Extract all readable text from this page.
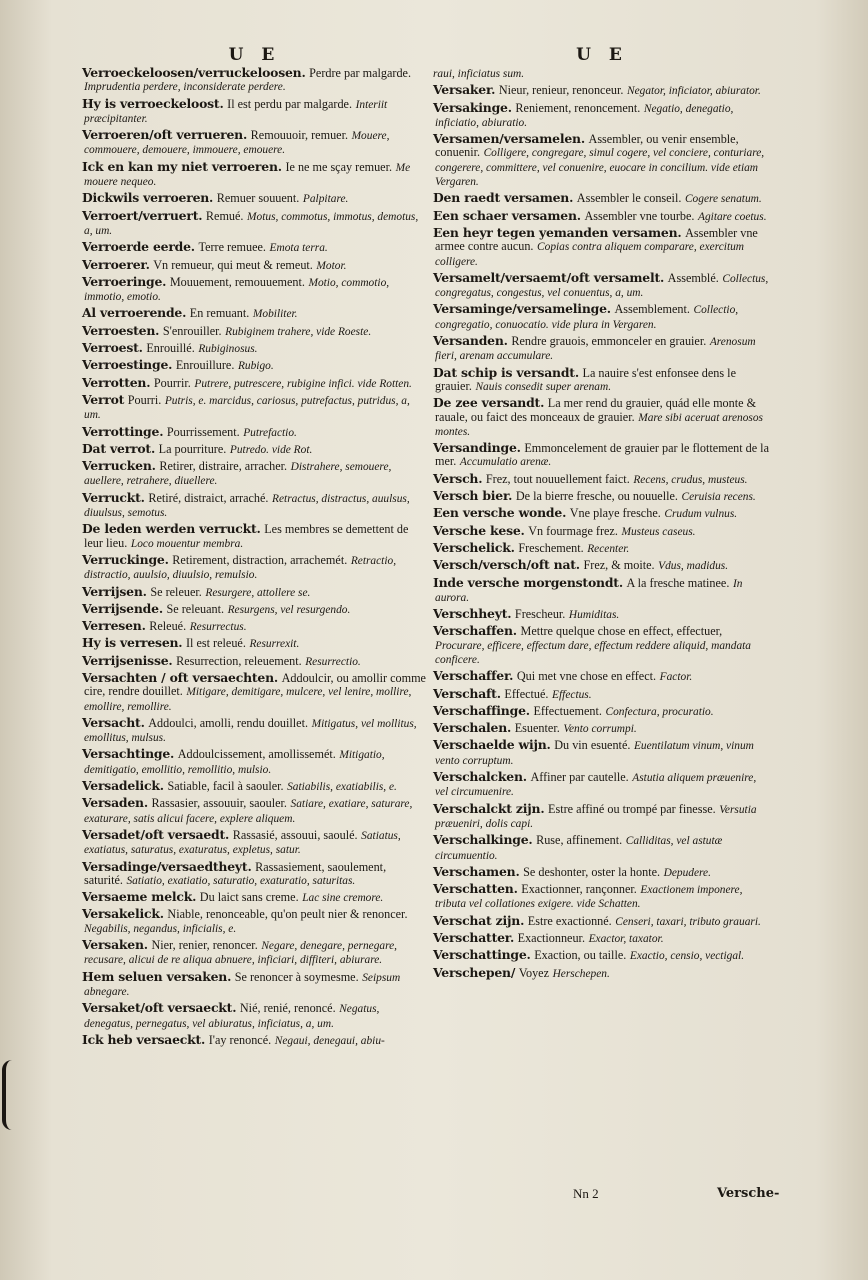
U E

Verroeckeloosen/verruckeloosen. Perdre par malgarde. Imprudentia perdere, inconsiderate perdere.

Hy is verroeckeloost. Il est perdu par malgarde. Interiit præcipitanter.

Verroeren/oft verrueren. Remouuoir, remuer. Mouere, commouere, demouere, immouere, emouere.

Ick en kan my niet verroeren. Ie ne me sçay remuer. Me mouere nequeo.

Dickwils verroeren. Remuer souuent. Palpitare.

Verroert/verruert. Remué. Motus, commotus, immotus, demotus, a, um.

Verroerde eerde. Terre remuee. Emota terra.

Verroerer. Vn remueur, qui meut & remeut. Motor.

Verroeringe. Mouuement, remouuement. Motio, commotio, immotio, emotio.

Al verroerende. En remuant. Mobiliter.

Verroesten. S'enrouiller. Rubiginem trahere, vide Roeste.

Verroest. Enrouillé. Rubiginosus.

Verroestinge. Enrouillure. Rubigo.

Verrotten. Pourrir. Putrere, putrescere, rubigine infici. vide Rotten.

Verrot Pourri. Putris, e. marcidus, cariosus, putrefactus, putridus, a, um.

Verrottinge. Pourrissement. Putrefactio.

Dat verrot. La pourriture. Putredo. vide Rot.

Verrucken. Retirer, distraire, arracher. Distrahere, semouere, auellere, retrahere, diuellere.

Verruckt. Retiré, distraict, arraché. Retractus, distractus, auulsus, diuulsus, semotus.

De leden werden verruckt. Les membres se demettent de leur lieu. Loco mouentur membra.

Verruckinge. Retirement, distraction, arrachemét. Retractio, distractio, auulsio, diuulsio, remulsio.

Verrijsen. Se releuer. Resurgere, attollere se.

Verrijsende. Se releuant. Resurgens, vel resurgendo.

Verresen. Releué. Resurrectus.

Hy is verresen. Il est releué. Resurrexit.

Verrijsenisse. Resurrection, releuement. Resurrectio.

Versachten / oft versaechten. Addoulcir, ou amollir comme cire, rendre douillet. Mitigare, demitigare, mulcere, vel lenire, mollire, emollire, remollire.

Versacht. Addoulci, amolli, rendu douillet. Mitigatus, vel mollitus, emollitus, mulsus.

Versachtinge. Addoulcissement, amollissemét. Mitigatio, demitigatio, emollitio, remollitio, mulsio.

Versadelick. Satiable, facil à saouler. Satiabilis, exatiabilis, e.

Versaden. Rassasier, assouuir, saouler. Satiare, exatiare, saturare, exaturare, satis alicui facere, explere aliquem.

Versadet/oft versaedt. Rassasié, assouui, saoulé. Satiatus, exatiatus, saturatus, exaturatus, expletus, satur.

Versadinge/versaedtheyt. Rassasiement, saoulement, saturité. Satiatio, exatiatio, saturatio, exaturatio, saturitas.

Versaeme melck. Du laict sans creme. Lac sine cremore.

Versakelick. Niable, renonceable, qu'on peult nier & renoncer. Negabilis, negandus, inficialis, e.

Versaken. Nier, renier, renoncer. Negare, denegare, pernegare, recusare, alicui de re aliqua abnuere, inficiari, diffiteri, abiurare.

Hem seluen versaken. Se renoncer à soymesme. Seipsum abnegare.

Versaket/oft versaeckt. Nié, renié, renoncé. Negatus, denegatus, pernegatus, vel abiuratus, inficiatus, a, um.

Ick heb versaeckt. I'ay renoncé. Negaui, denegaui, abiu-

U E

raui, inficiatus sum.

Versaker. Nieur, renieur, renonceur. Negator, inficiator, abiurator.

Versakinge. Reniement, renoncement. Negatio, denegatio, inficiatio, abiuratio.

Versamen/versamelen. Assembler, ou venir ensemble, conuenir. Colligere, congregare, simul cogere, vel conciere, conturiare, congerere, committere, vel conuenire, euocare in concilium. vide etiam Vergaren.

Den raedt versamen. Assembler le conseil. Cogere senatum.

Een schaer versamen. Assembler vne tourbe. Agitare coetus.

Een heyr tegen yemanden versamen. Assembler vne armee contre aucun. Copias contra aliquem comparare, exercitum colligere.

Versamelt/versaemt/oft versamelt. Assemblé. Collectus, congregatus, congestus, vel conuentus, a, um.

Versaminge/versamelinge. Assemblement. Collectio, congregatio, conuocatio. vide plura in Vergaren.

Versanden. Rendre grauois, emmonceler en grauier. Arenosum fieri, arenam accumulare.

Dat schip is versandt. La nauire s'est enfonsee dens le grauier. Nauis consedit super arenam.

De zee versandt. La mer rend du grauier, quád elle monte & rauale, ou faict des monceaux de grauier. Mare sibi aceruat arenosos montes.

Versandinge. Emmoncelement de grauier par le flottement de la mer. Accumulatio arenæ.

Versch. Frez, tout nouuellement faict. Recens, crudus, musteus.

Versch bier. De la bierre fresche, ou nouuelle. Ceruisia recens.

Een versche wonde. Vne playe fresche. Crudum vulnus.

Versche kese. Vn fourmage frez. Musteus caseus.

Verschelick. Freschement. Recenter.

Versch/versch/oft nat. Frez, & moite. Vdus, madidus.

Inde versche morgenstondt. A la fresche matinee. In aurora.

Verschheyt. Frescheur. Humiditas.

Verschaffen. Mettre quelque chose en effect, effectuer, Procurare, efficere, effectum dare, effectum reddere aliquid, mandata conficere.

Verschaffer. Qui met vne chose en effect. Factor.

Verschaft. Effectué. Effectus.

Verschaffinge. Effectuement. Confectura, procuratio.

Verschalen. Esuenter. Vento corrumpi.

Verschaelde wijn. Du vin esuenté. Euentilatum vinum, vinum vento corruptum.

Verschalcken. Affiner par cautelle. Astutia aliquem præuenire, vel circumuenire.

Verschalckt zijn. Estre affiné ou trompé par finesse. Versutia præueniri, dolis capi.

Verschalkinge. Ruse, affinement. Calliditas, vel astutæ circumuentio.

Verschamen. Se deshonter, oster la honte. Depudere.

Verschatten. Exactionner, rançonner. Exactionem imponere, tributa vel collationes exigere. vide Schatten.

Verschat zijn. Estre exactionné. Censeri, taxari, tributo grauari.

Verschatter. Exactionneur. Exactor, taxator.

Verschattinge. Exaction, ou taille. Exactio, censio, vectigal.

Verschepen/ Voyez Herschepen.

Nn 2	Versche-
